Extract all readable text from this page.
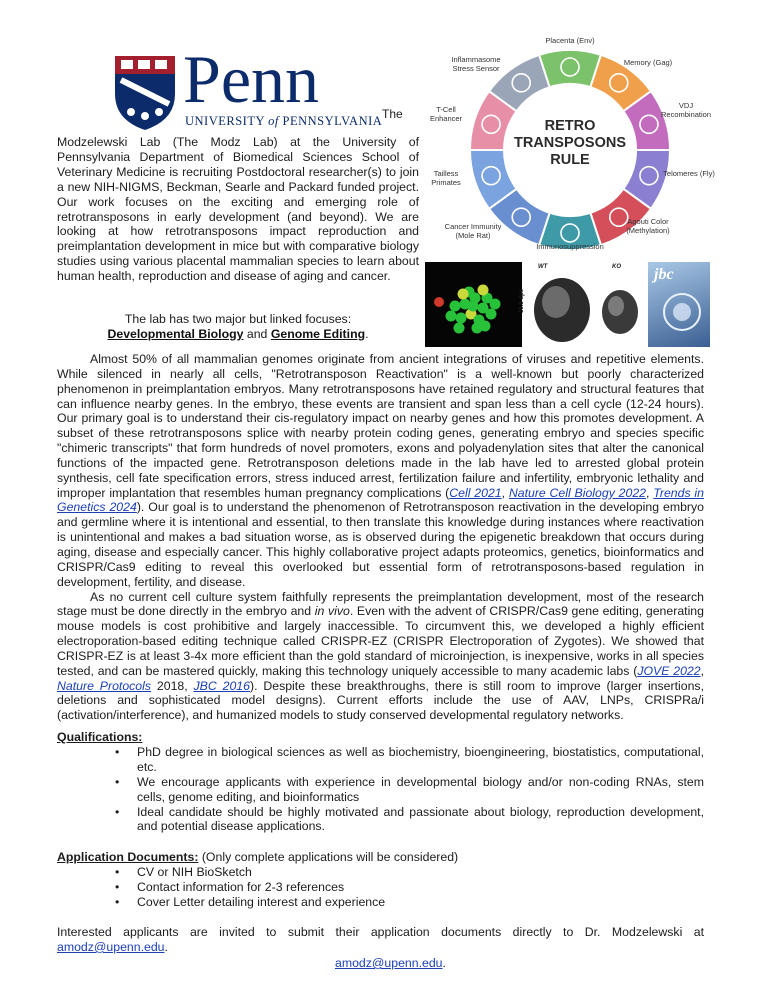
Penn
UNIVERSITY of PENNSYLVANIA The
Modzelewski Lab (The Modz Lab) at the University of Pennsylvania Department of Biomedical Sciences School of Veterinary Medicine is recruiting Postdoctoral researcher(s) to join a new NIH-NIGMS, Beckman, Searle and Packard funded project. Our work focuses on the exciting and emerging role of retrotransposons in early development (and beyond). We are looking at how retrotransposons impact reproduction and preimplantation development in mice but with comparative biology studies using various placental mammalian species to learn about human health, reproduction and disease of aging and cancer.
The lab has two major but linked focuses:
Developmental Biology and Genome Editing.
RETRO
TRANSPOSONS
RULE
Placenta (Env)
Memory (Gag)
VDJ Recombination
Telomeres (Fly)
Agouti Color (Methylation)
Immunosuppression
Cancer Immunity (Mole Rat)
Tailless Primates
T-Cell Enhancer
Inflammasome Stress Sensor
WT	KO
10.5 dpc
jbc

Almost 50% of all mammalian genomes originate from ancient integrations of viruses and repetitive elements. While silenced in nearly all cells, "Retrotransposon Reactivation" is a well-known but poorly characterized phenomenon in preimplantation embryos. Many retrotransposons have retained regulatory and structural features that can influence nearby genes. In the embryo, these events are transient and span less than a cell cycle (12-24 hours). Our primary goal is to understand their cis-regulatory impact on nearby genes and how this promotes development. A subset of these retrotransposons splice with nearby protein coding genes, generating embryo and species specific "chimeric transcripts" that form hundreds of novel promoters, exons and polyadenylation sites that alter the canonical functions of the impacted gene. Retrotransposon deletions made in the lab have led to arrested global protein synthesis, cell fate specification errors, stress induced arrest, fertilization failure and infertility, embryonic lethality and improper implantation that resembles human pregnancy complications (Cell 2021, Nature Cell Biology 2022, Trends in Genetics 2024). Our goal is to understand the phenomenon of Retrotransposon reactivation in the developing embryo and germline where it is intentional and essential, to then translate this knowledge during instances where reactivation is unintentional and makes a bad situation worse, as is observed during the epigenetic breakdown that occurs during aging, disease and especially cancer. This highly collaborative project adapts proteomics, genetics, bioinformatics and CRISPR/Cas9 editing to reveal this overlooked but essential form of retrotransposons-based regulation in development, fertility, and disease.

As no current cell culture system faithfully represents the preimplantation development, most of the research stage must be done directly in the embryo and in vivo. Even with the advent of CRISPR/Cas9 gene editing, generating mouse models is cost prohibitive and largely inaccessible. To circumvent this, we developed a highly efficient electroporation-based editing technique called CRISPR-EZ (CRISPR Electroporation of Zygotes). We showed that CRISPR-EZ is at least 3-4x more efficient than the gold standard of microinjection, is inexpensive, works in all species tested, and can be mastered quickly, making this technology uniquely accessible to many academic labs (JOVE 2022, Nature Protocols 2018, JBC 2016). Despite these breakthroughs, there is still room to improve (larger insertions, deletions and sophisticated model designs). Current efforts include the use of AAV, LNPs, CRISPRa/i (activation/interference), and humanized models to study conserved developmental regulatory networks.

Qualifications:
• PhD degree in biological sciences as well as biochemistry, bioengineering, biostatistics, computational, etc.
• We encourage applicants with experience in developmental biology and/or non-coding RNAs, stem cells, genome editing, and bioinformatics
• Ideal candidate should be highly motivated and passionate about biology, reproduction development, and potential disease applications.
Application Documents: (Only complete applications will be considered)
• CV or NIH BioSketch
• Contact information for 2-3 references
• Cover Letter detailing interest and experience
Interested applicants are invited to submit their application documents directly to Dr. Modzelewski at amodz@upenn.edu.
amodz@upenn.edu.
